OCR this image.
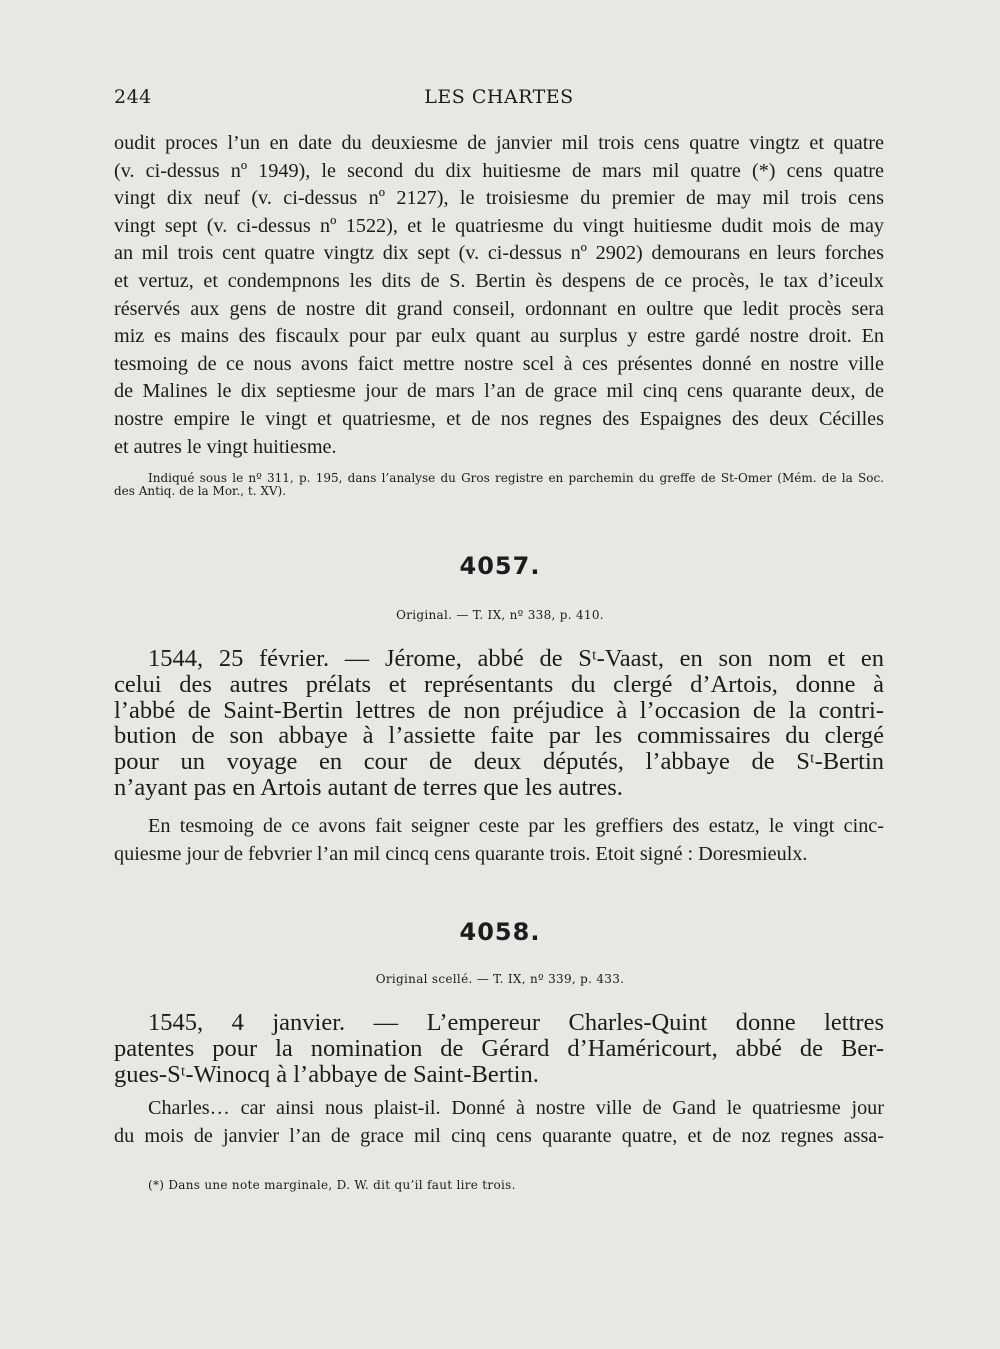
244	LES CHARTES
oudit proces l’un en date du deuxiesme de janvier mil trois cens quatre vingtz et quatre
(v. ci-dessus nº 1949), le second du dix huitiesme de mars mil quatre (*) cens quatre
vingt dix neuf (v. ci-dessus nº 2127), le troisiesme du premier de may mil trois cens
vingt sept (v. ci-dessus nº 1522), et le quatriesme du vingt huitiesme dudit mois de may
an mil trois cent quatre vingtz dix sept (v. ci-dessus nº 2902) demourans en leurs forches
et vertuz, et condempnons les dits de S. Bertin ès despens de ce procès, le tax d’iceulx
réservés aux gens de nostre dit grand conseil, ordonnant en oultre que ledit procès sera
miz es mains des fiscaulx pour par eulx quant au surplus y estre gardé nostre droit. En
tesmoing de ce nous avons faict mettre nostre scel à ces présentes donné en nostre ville
de Malines le dix septiesme jour de mars l’an de grace mil cinq cens quarante deux, de
nostre empire le vingt et quatriesme, et de nos regnes des Espaignes des deux Cécilles
et autres le vingt huitiesme.
Indiqué sous le nº 311, p. 195, dans l’analyse du Gros registre en parchemin du greffe de St-Omer (Mém. de la Soc.
des Antiq. de la Mor., t. XV).
4057.
Original. — T. IX, nº 338, p. 410.
1544, 25 février. — Jérome, abbé de Sᵗ-Vaast, en son nom et en
celui des autres prélats et représentants du clergé d’Artois, donne à
l’abbé de Saint-Bertin lettres de non préjudice à l’occasion de la contri-
bution de son abbaye à l’assiette faite par les commissaires du clergé
pour un voyage en cour de deux députés, l’abbaye de Sᵗ-Bertin
n’ayant pas en Artois autant de terres que les autres.
En tesmoing de ce avons fait seigner ceste par les greffiers des estatz, le vingt cinc-
quiesme jour de febvrier l’an mil cincq cens quarante trois. Etoit signé : Doresmieulx.
4058.
Original scellé. — T. IX, nº 339, p. 433.
1545, 4 janvier. — L’empereur Charles-Quint donne lettres
patentes pour la nomination de Gérard d’Haméricourt, abbé de Ber-
gues-Sᵗ-Winocq à l’abbaye de Saint-Bertin.
Charles… car ainsi nous plaist-il. Donné à nostre ville de Gand le quatriesme jour
du mois de janvier l’an de grace mil cinq cens quarante quatre, et de noz regnes assa-
(*) Dans une note marginale, D. W. dit qu’il faut lire trois.
